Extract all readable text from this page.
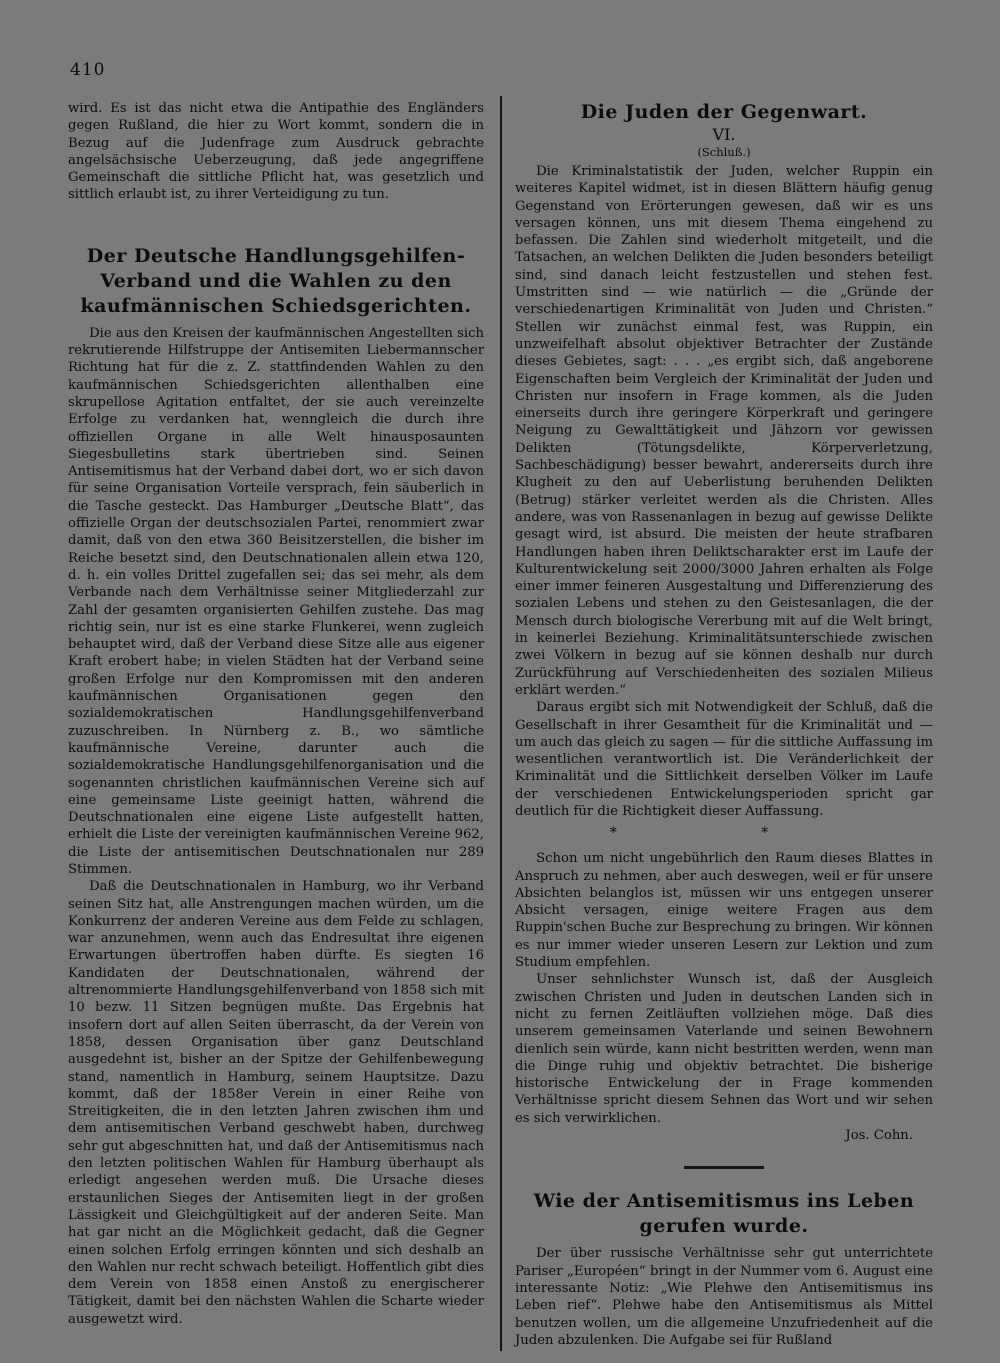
410

wird. Es ist das nicht etwa die Antipathie des Engländers gegen Rußland, die hier zu Wort kommt, sondern die in Bezug auf die Judenfrage zum Ausdruck gebrachte angelsächsische Ueberzeugung, daß jede angegriffene Gemeinschaft die sittliche Pflicht hat, was gesetzlich und sittlich erlaubt ist, zu ihrer Verteidigung zu tun.

Der Deutsche Handlungsgehilfen-Verband und die Wahlen zu den kaufmännischen Schiedsgerichten.

Die aus den Kreisen der kaufmännischen Angestellten sich rekrutierende Hilfstruppe der Antisemiten Liebermannscher Richtung hat für die z. Z. stattfindenden Wahlen zu den kaufmännischen Schiedsgerichten allenthalben eine skrupellose Agitation entfaltet, der sie auch vereinzelte Erfolge zu verdanken hat, wenngleich die durch ihre offiziellen Organe in alle Welt hinausposaunten Siegesbulletins stark übertrieben sind. Seinen Antisemitismus hat der Verband dabei dort, wo er sich davon für seine Organisation Vorteile versprach, fein säuberlich in die Tasche gesteckt. Das Hamburger „Deutsche Blatt“, das offizielle Organ der deutschsozialen Partei, renommiert zwar damit, daß von den etwa 360 Beisitzerstellen, die bisher im Reiche besetzt sind, den Deutschnationalen allein etwa 120, d. h. ein volles Drittel zugefallen sei; das sei mehr, als dem Verbande nach dem Verhältnisse seiner Mitgliederzahl zur Zahl der gesamten organisierten Gehilfen zustehe. Das mag richtig sein, nur ist es eine starke Flunkerei, wenn zugleich behauptet wird, daß der Verband diese Sitze alle aus eigener Kraft erobert habe; in vielen Städten hat der Verband seine großen Erfolge nur den Kompromissen mit den anderen kaufmännischen Organisationen gegen den sozialdemokratischen Handlungsgehilfenverband zuzuschreiben. In Nürnberg z. B., wo sämtliche kaufmännische Vereine, darunter auch die sozialdemokratische Handlungsgehilfenorganisation und die sogenannten christlichen kaufmännischen Vereine sich auf eine gemeinsame Liste geeinigt hatten, während die Deutschnationalen eine eigene Liste aufgestellt hatten, erhielt die Liste der vereinigten kaufmännischen Vereine 962, die Liste der antisemitischen Deutschnationalen nur 289 Stimmen.

Daß die Deutschnationalen in Hamburg, wo ihr Verband seinen Sitz hat, alle Anstrengungen machen würden, um die Konkurrenz der anderen Vereine aus dem Felde zu schlagen, war anzunehmen, wenn auch das Endresultat ihre eigenen Erwartungen übertroffen haben dürfte. Es siegten 16 Kandidaten der Deutschnationalen, während der altrenommierte Handlungsgehilfenverband von 1858 sich mit 10 bezw. 11 Sitzen begnügen mußte. Das Ergebnis hat insofern dort auf allen Seiten überrascht, da der Verein von 1858, dessen Organisation über ganz Deutschland ausgedehnt ist, bisher an der Spitze der Gehilfenbewegung stand, namentlich in Hamburg, seinem Hauptsitze. Dazu kommt, daß der 1858er Verein in einer Reihe von Streitigkeiten, die in den letzten Jahren zwischen ihm und dem antisemitischen Verband geschwebt haben, durchweg sehr gut abgeschnitten hat, und daß der Antisemitismus nach den letzten politischen Wahlen für Hamburg überhaupt als erledigt angesehen werden muß. Die Ursache dieses erstaunlichen Sieges der Antisemiten liegt in der großen Lässigkeit und Gleichgültigkeit auf der anderen Seite. Man hat gar nicht an die Möglichkeit gedacht, daß die Gegner einen solchen Erfolg erringen könnten und sich deshalb an den Wahlen nur recht schwach beteiligt. Hoffentlich gibt dies dem Verein von 1858 einen Anstoß zu energischerer Tätigkeit, damit bei den nächsten Wahlen die Scharte wieder ausgewetzt wird.

Die Juden der Gegenwart.
VI.
(Schluß.)

Die Kriminalstatistik der Juden, welcher Ruppin ein weiteres Kapitel widmet, ist in diesen Blättern häufig genug Gegenstand von Erörterungen gewesen, daß wir es uns versagen können, uns mit diesem Thema eingehend zu befassen. Die Zahlen sind wiederholt mitgeteilt, und die Tatsachen, an welchen Delikten die Juden besonders beteiligt sind, sind danach leicht festzustellen und stehen fest. Umstritten sind — wie natürlich — die „Gründe der verschiedenartigen Kriminalität von Juden und Christen.“ Stellen wir zunächst einmal fest, was Ruppin, ein unzweifelhaft absolut objektiver Betrachter der Zustände dieses Gebietes, sagt: . . . „es ergibt sich, daß angeborene Eigenschaften beim Vergleich der Kriminalität der Juden und Christen nur insofern in Frage kommen, als die Juden einerseits durch ihre geringere Körperkraft und geringere Neigung zu Gewalttätigkeit und Jähzorn vor gewissen Delikten (Tötungsdelikte, Körperverletzung, Sachbeschädigung) besser bewahrt, andererseits durch ihre Klugheit zu den auf Ueberlistung beruhenden Delikten (Betrug) stärker verleitet werden als die Christen. Alles andere, was von Rassenanlagen in bezug auf gewisse Delikte gesagt wird, ist absurd. Die meisten der heute strafbaren Handlungen haben ihren Deliktscharakter erst im Laufe der Kulturentwickelung seit 2000/3000 Jahren erhalten als Folge einer immer feineren Ausgestaltung und Differenzierung des sozialen Lebens und stehen zu den Geistesanlagen, die der Mensch durch biologische Vererbung mit auf die Welt bringt, in keinerlei Beziehung. Kriminalitätsunterschiede zwischen zwei Völkern in bezug auf sie können deshalb nur durch Zurückführung auf Verschiedenheiten des sozialen Milieus erklärt werden.“

Daraus ergibt sich mit Notwendigkeit der Schluß, daß die Gesellschaft in ihrer Gesamtheit für die Kriminalität und — um auch das gleich zu sagen — für die sittliche Auffassung im wesentlichen verantwortlich ist. Die Veränderlichkeit der Kriminalität und die Sittlichkeit derselben Völker im Laufe der verschiedenen Entwickelungsperioden spricht gar deutlich für die Richtigkeit dieser Auffassung.

* *

Schon um nicht ungebührlich den Raum dieses Blattes in Anspruch zu nehmen, aber auch deswegen, weil er für unsere Absichten belanglos ist, müssen wir uns entgegen unserer Absicht versagen, einige weitere Fragen aus dem Ruppin'schen Buche zur Besprechung zu bringen. Wir können es nur immer wieder unseren Lesern zur Lektion und zum Studium empfehlen.

Unser sehnlichster Wunsch ist, daß der Ausgleich zwischen Christen und Juden in deutschen Landen sich in nicht zu fernen Zeitläuften vollziehen möge. Daß dies unserem gemeinsamen Vaterlande und seinen Bewohnern dienlich sein würde, kann nicht bestritten werden, wenn man die Dinge ruhig und objektiv betrachtet. Die bisherige historische Entwickelung der in Frage kommenden Verhältnisse spricht diesem Sehnen das Wort und wir sehen es sich verwirklichen.

Jos. Cohn.
Wie der Antisemitismus ins Leben gerufen wurde.

Der über russische Verhältnisse sehr gut unterrichtete Pariser „Européen“ bringt in der Nummer vom 6. August eine interessante Notiz: „Wie Plehwe den Antisemitismus ins Leben rief“. Plehwe habe den Antisemitismus als Mittel benutzen wollen, um die allgemeine Unzufriedenheit auf die Juden abzulenken. Die Aufgabe sei für Rußland
